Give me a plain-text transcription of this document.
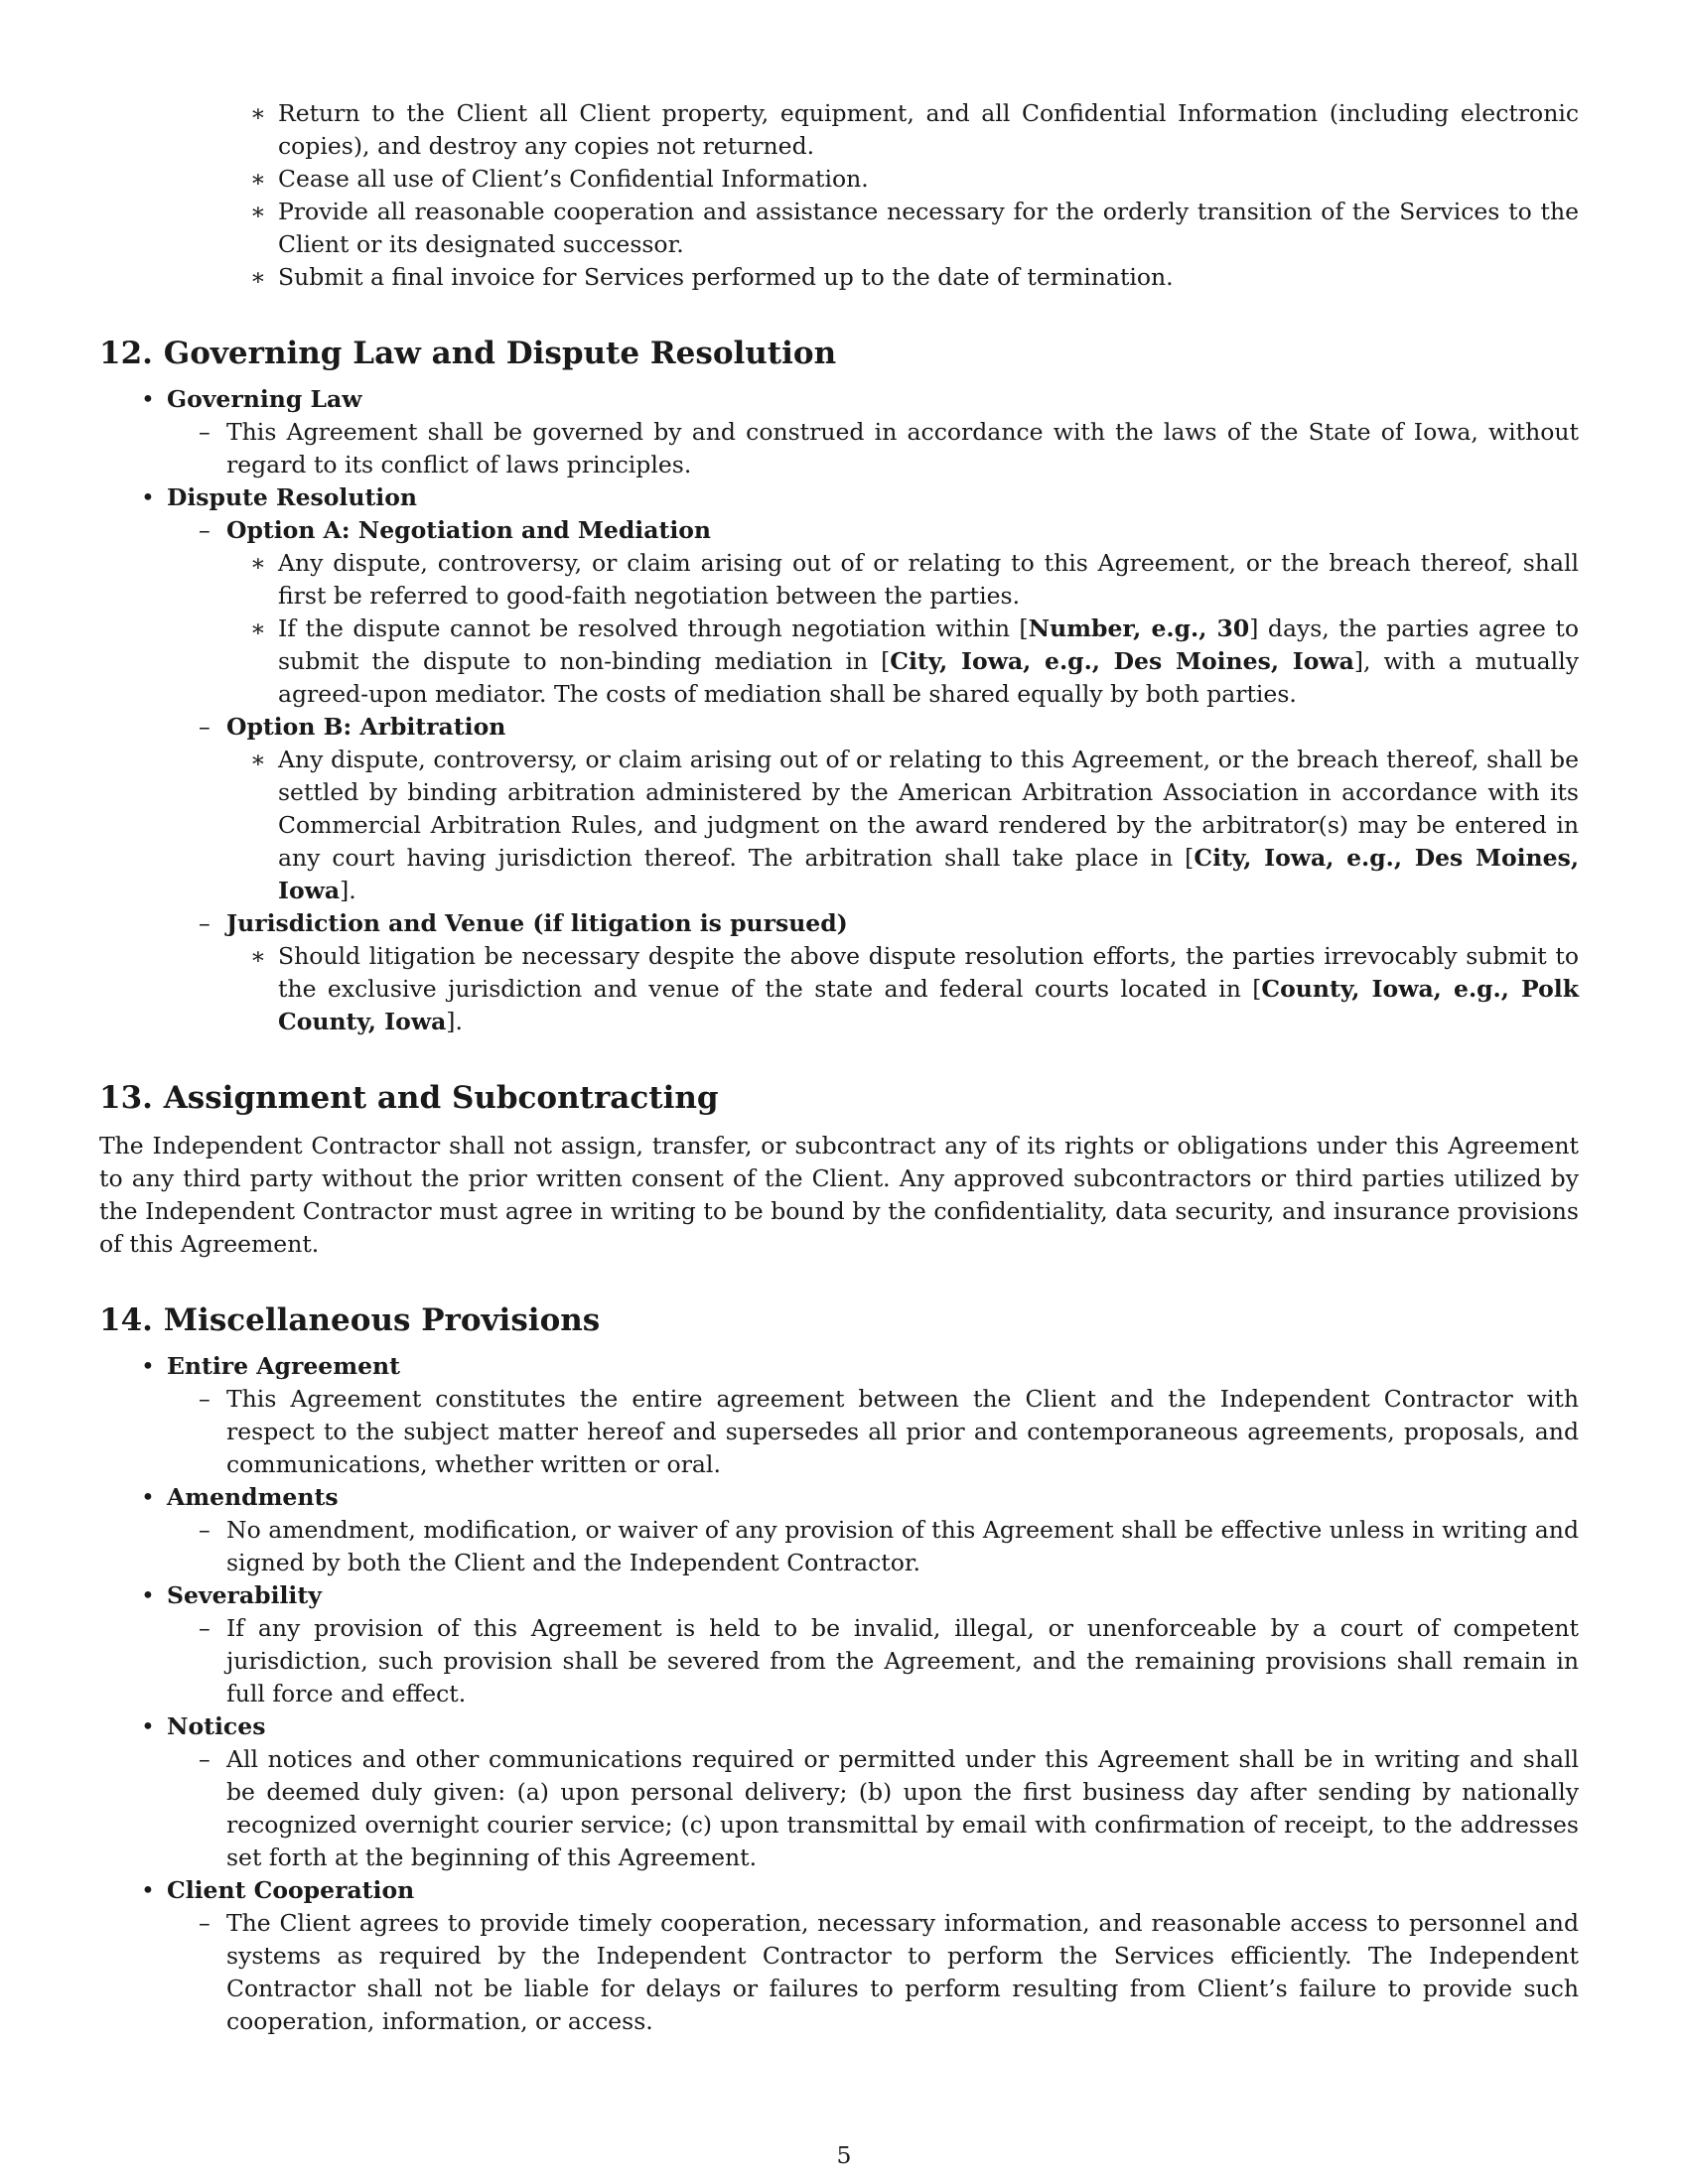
∗ Return to the Client all Client property, equipment, and all Confidential Information (including electronic copies), and destroy any copies not returned.
∗ Cease all use of Client’s Confidential Information.
∗ Provide all reasonable cooperation and assistance necessary for the orderly transition of the Services to the Client or its designated successor.
∗ Submit a final invoice for Services performed up to the date of termination.
12. Governing Law and Dispute Resolution
• Governing Law
– This Agreement shall be governed by and construed in accordance with the laws of the State of Iowa, without regard to its conflict of laws principles.
• Dispute Resolution
– Option A: Negotiation and Mediation
∗ Any dispute, controversy, or claim arising out of or relating to this Agreement, or the breach thereof, shall first be referred to good-faith negotiation between the parties.
∗ If the dispute cannot be resolved through negotiation within [Number, e.g., 30] days, the parties agree to submit the dispute to non-binding mediation in [City, Iowa, e.g., Des Moines, Iowa], with a mutually agreed-upon mediator. The costs of mediation shall be shared equally by both parties.
– Option B: Arbitration
∗ Any dispute, controversy, or claim arising out of or relating to this Agreement, or the breach thereof, shall be settled by binding arbitration administered by the American Arbitration Association in accordance with its Commercial Arbitration Rules, and judgment on the award rendered by the arbitrator(s) may be entered in any court having jurisdiction thereof. The arbitration shall take place in [City, Iowa, e.g., Des Moines, Iowa].
– Jurisdiction and Venue (if litigation is pursued)
∗ Should litigation be necessary despite the above dispute resolution efforts, the parties irrevocably submit to the exclusive jurisdiction and venue of the state and federal courts located in [County, Iowa, e.g., Polk County, Iowa].
13. Assignment and Subcontracting

The Independent Contractor shall not assign, transfer, or subcontract any of its rights or obligations under this Agreement to any third party without the prior written consent of the Client. Any approved subcontractors or third parties utilized by the Independent Contractor must agree in writing to be bound by the confidentiality, data security, and insurance provisions of this Agreement.

14. Miscellaneous Provisions
• Entire Agreement
– This Agreement constitutes the entire agreement between the Client and the Independent Contractor with respect to the subject matter hereof and supersedes all prior and contemporaneous agreements, proposals, and communications, whether written or oral.
• Amendments
– No amendment, modification, or waiver of any provision of this Agreement shall be effective unless in writing and signed by both the Client and the Independent Contractor.
• Severability
– If any provision of this Agreement is held to be invalid, illegal, or unenforceable by a court of competent jurisdiction, such provision shall be severed from the Agreement, and the remaining provisions shall remain in full force and effect.
• Notices
– All notices and other communications required or permitted under this Agreement shall be in writing and shall be deemed duly given: (a) upon personal delivery; (b) upon the first business day after sending by nationally recognized overnight courier service; (c) upon transmittal by email with confirmation of receipt, to the addresses set forth at the beginning of this Agreement.
• Client Cooperation
– The Client agrees to provide timely cooperation, necessary information, and reasonable access to personnel and systems as required by the Independent Contractor to perform the Services efficiently. The Independent Contractor shall not be liable for delays or failures to perform resulting from Client’s failure to provide such cooperation, information, or access.
5
